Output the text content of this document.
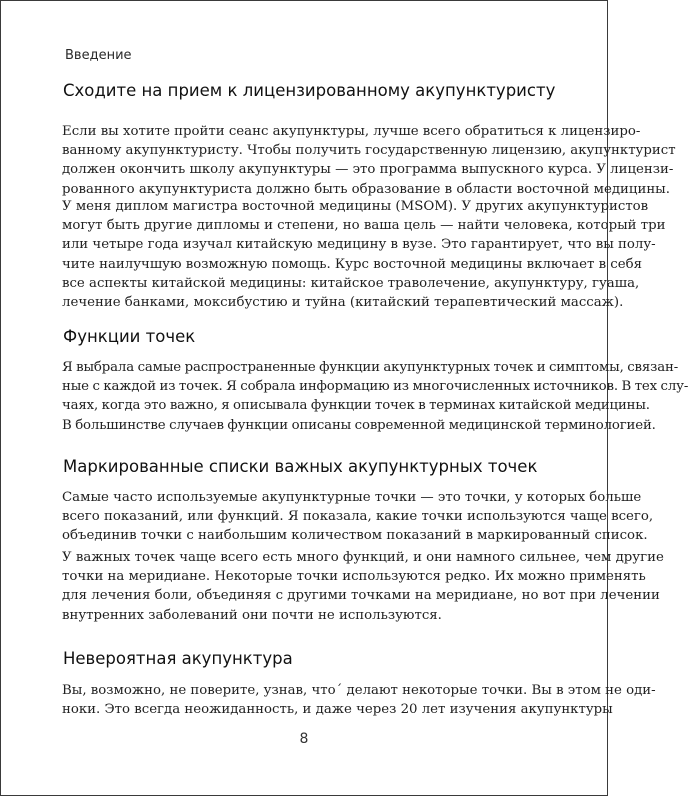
Введение
Сходите на прием к лицензированному акупунктуристу
Если вы хотите пройти сеанс акупунктуры, лучше всего обратиться к лицензиро-
ванному акупунктуристу. Чтобы получить государственную лицензию, акупунктурист
должен окончить школу акупунктуры — это программа выпускного курса. У лицензи-
рованного акупунктуриста должно быть образование в области восточной медицины.
У меня диплом магистра восточной медицины (MSOM). У других акупунктуристов
могут быть другие дипломы и степени, но ваша цель — найти человека, который три
или четыре года изучал китайскую медицину в вузе. Это гарантирует, что вы полу-
чите наилучшую возможную помощь. Курс восточной медицины включает в себя
все аспекты китайской медицины: китайское траволечение, акупунктуру, гуаша,
лечение банками, моксибустию и туйна (китайский терапевтический массаж).
Функции точек
Я выбрала самые распространенные функции акупунктурных точек и симптомы, связан-
ные с каждой из точек. Я собрала информацию из многочисленных источников. В тех слу-
чаях, когда это важно, я описывала функции точек в терминах китайской медицины.
В большинстве случаев функции описаны современной медицинской терминологией.
Маркированные списки важных акупунктурных точек
Самые часто используемые акупунктурные точки — это точки, у которых больше
всего показаний, или функций. Я показала, какие точки используются чаще всего,
объединив точки с наибольшим количеством показаний в маркированный список.
У важных точек чаще всего есть много функций, и они намного сильнее, чем другие
точки на меридиане. Некоторые точки используются редко. Их можно применять
для лечения боли, объединяя с другими точками на меридиане, но вот при лечении
внутренних заболеваний они почти не используются.
Невероятная акупунктура
Вы, возможно, не поверите, узнав, что´ делают некоторые точки. Вы в этом не оди-
ноки. Это всегда неожиданность, и даже через 20 лет изучения акупунктуры
8
